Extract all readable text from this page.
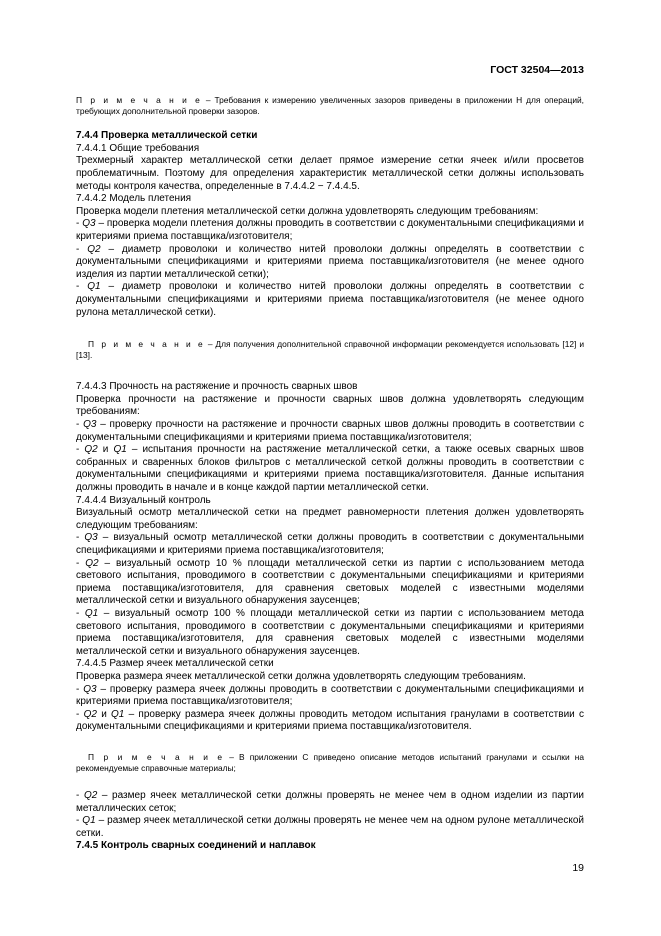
ГОСТ 32504—2013

П р и м е ч а н и е – Требования к измерению увеличенных зазоров приведены в приложении Н для операций, требующих дополнительной проверки зазоров.

7.4.4 Проверка металлической сетки

7.4.4.1 Общие требования

Трехмерный характер металлической сетки делает прямое измерение сетки ячеек и/или просветов проблематичным. Поэтому для определения характеристик металлической сетки должны использовать методы контроля качества, определенные в 7.4.4.2 − 7.4.4.5.

7.4.4.2 Модель плетения

Проверка модели плетения металлической сетки должна удовлетворять следующим требованиям:

- Q3 – проверка модели плетения должны проводить в соответствии с документальными спецификациями и критериями приема поставщика/изготовителя;

- Q2 – диаметр проволоки и количество нитей проволоки должны определять в соответствии с документальными спецификациями и критериями приема поставщика/изготовителя (не менее одного изделия из партии металлической сетки);

- Q1 – диаметр проволоки и количество нитей проволоки должны определять в соответствии с документальными спецификациями и критериями приема поставщика/изготовителя (не менее одного рулона металлической сетки).

П р и м е ч а н и е – Для получения дополнительной справочной информации рекомендуется использовать [12] и [13].

7.4.4.3 Прочность на растяжение и прочность сварных швов

Проверка прочности на растяжение и прочности сварных швов должна удовлетворять следующим требованиям:

- Q3 – проверку прочности на растяжение и прочности сварных швов должны проводить в соответствии с документальными спецификациями и критериями приема поставщика/изготовителя;

- Q2 и Q1 – испытания прочности на растяжение металлической сетки, а также осевых сварных швов собранных и сваренных блоков фильтров с металлической сеткой должны проводить в соответствии с документальными спецификациями и критериями приема поставщика/изготовителя. Данные испытания должны проводить в начале и в конце каждой партии металлической сетки.

7.4.4.4 Визуальный контроль

Визуальный осмотр металлической сетки на предмет равномерности плетения должен удовлетворять следующим требованиям:

- Q3 – визуальный осмотр металлической сетки должны проводить в соответствии с документальными спецификациями и критериями приема поставщика/изготовителя;

- Q2 – визуальный осмотр 10 % площади металлической сетки из партии с использованием метода светового испытания, проводимого в соответствии с документальными спецификациями и критериями приема поставщика/изготовителя, для сравнения световых моделей с известными моделями металлической сетки и визуального обнаружения заусенцев;

- Q1 – визуальный осмотр 100 % площади металлической сетки из партии с использованием метода светового испытания, проводимого в соответствии с документальными спецификациями и критериями приема поставщика/изготовителя, для сравнения световых моделей с известными моделями металлической сетки и визуального обнаружения заусенцев.

7.4.4.5 Размер ячеек металлической сетки

Проверка размера ячеек металлической сетки должна удовлетворять следующим требованиям.

- Q3 – проверку размера ячеек должны проводить в соответствии с документальными спецификациями и критериями приема поставщика/изготовителя;

- Q2 и Q1 – проверку размера ячеек должны проводить методом испытания гранулами в соответствии с документальными спецификациями и критериями приема поставщика/изготовителя.

П р и м е ч а н и е – В приложении С приведено описание методов испытаний гранулами и ссылки на рекомендуемые справочные материалы;

- Q2 – размер ячеек металлической сетки должны проверять не менее чем в одном изделии из партии металлических сеток;

- Q1 – размер ячеек металлической сетки должны проверять не менее чем на одном рулоне металлической сетки.

7.4.5 Контроль сварных соединений и наплавок

19
